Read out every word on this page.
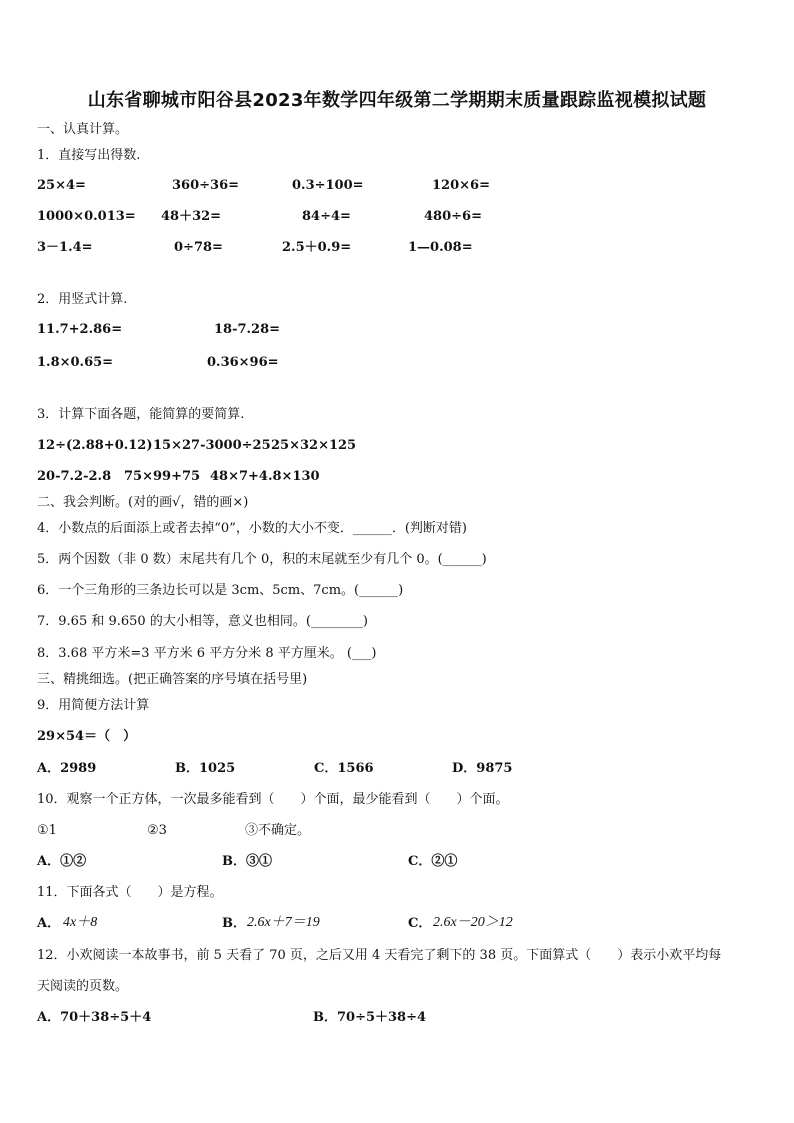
山东省聊城市阳谷县2023年数学四年级第二学期期末质量跟踪监视模拟试题
一、认真计算。
1．直接写出得数.
25×4=	360÷36=	0.3÷100=	120×6=
1000×0.013= 48＋32=	84÷4=	480÷6=
3－1.4=	0÷78=	2.5＋0.9=	1—0.08=
2．用竖式计算.
11.7+2.86=	18-7.28=
1.8×0.65=	0.36×96=
3．计算下面各题，能简算的要简算.
12÷(2.88+0.12) 15×27-3000÷25 25×32×125
20-7.2-2.8 75×99+75 48×7+4.8×130
二、我会判断。(对的画√，错的画×)
4．小数点的后面添上或者去掉“0”，小数的大小不变．______．(判断对错)
5．两个因数（非 0 数）末尾共有几个 0，积的末尾就至少有几个 0。(______)
6．一个三角形的三条边长可以是 3cm、5cm、7cm。(______)
7．9.65 和 9.650 的大小相等，意义也相同。(________)
8．3.68 平方米=3 平方米 6 平方分米 8 平方厘米。 (___)
三、精挑细选。(把正确答案的序号填在括号里)
9．用简便方法计算
29×54＝（　）
A．2989	B．1025	C．1566	D．9875
10．观察一个正方体，一次最多能看到（　　）个面，最少能看到（　　）个面。
①1	②3	③不确定。
A．①②	B．③①	C．②①
11．下面各式（　　）是方程。
A． 4x＋8	B． 2.6x＋7＝19	C． 2.6x－20＞12
12．小欢阅读一本故事书，前 5 天看了 70 页，之后又用 4 天看完了剩下的 38 页。下面算式（　　）表示小欢平均每
天阅读的页数。
A．70＋38÷5＋4	B．70÷5＋38÷4
